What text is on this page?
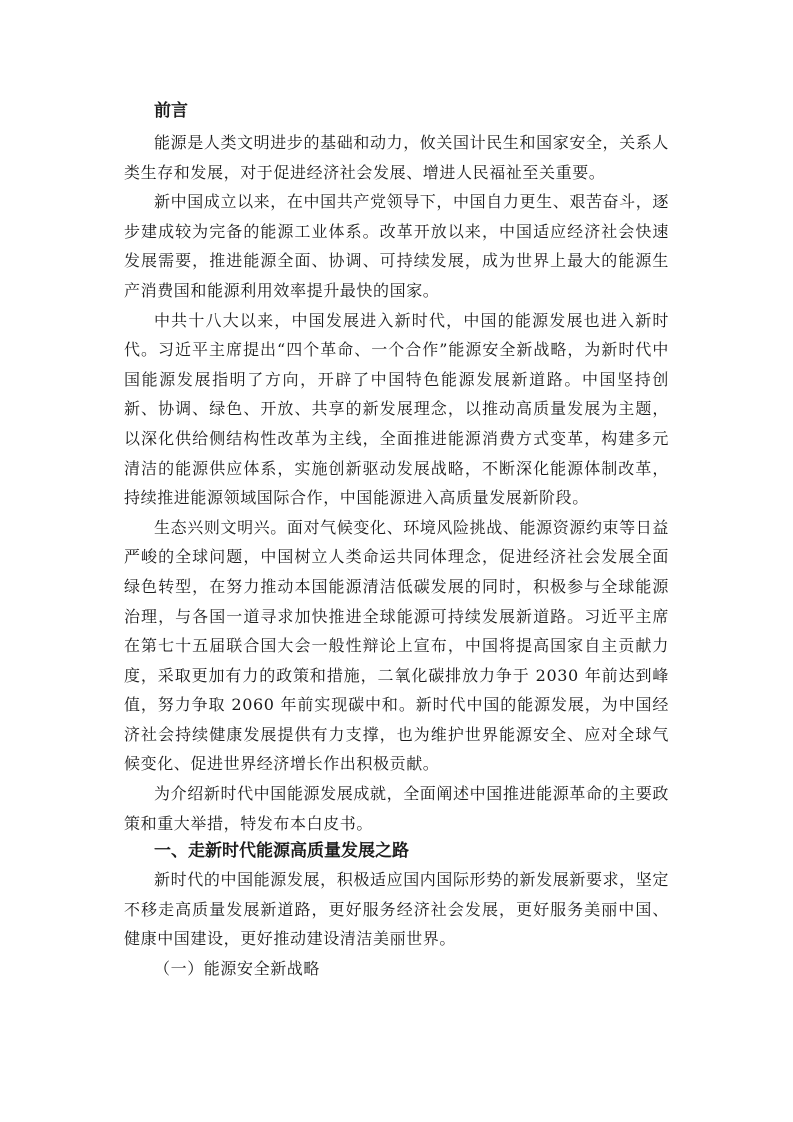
前言

能源是人类文明进步的基础和动力，攸关国计民生和国家安全，关系人类生存和发展，对于促进经济社会发展、增进人民福祉至关重要。

新中国成立以来，在中国共产党领导下，中国自力更生、艰苦奋斗，逐步建成较为完备的能源工业体系。改革开放以来，中国适应经济社会快速发展需要，推进能源全面、协调、可持续发展，成为世界上最大的能源生产消费国和能源利用效率提升最快的国家。

中共十八大以来，中国发展进入新时代，中国的能源发展也进入新时代。习近平主席提出“四个革命、一个合作”能源安全新战略，为新时代中国能源发展指明了方向，开辟了中国特色能源发展新道路。中国坚持创新、协调、绿色、开放、共享的新发展理念，以推动高质量发展为主题，以深化供给侧结构性改革为主线，全面推进能源消费方式变革，构建多元清洁的能源供应体系，实施创新驱动发展战略，不断深化能源体制改革，持续推进能源领域国际合作，中国能源进入高质量发展新阶段。

生态兴则文明兴。面对气候变化、环境风险挑战、能源资源约束等日益严峻的全球问题，中国树立人类命运共同体理念，促进经济社会发展全面绿色转型，在努力推动本国能源清洁低碳发展的同时，积极参与全球能源治理，与各国一道寻求加快推进全球能源可持续发展新道路。习近平主席在第七十五届联合国大会一般性辩论上宣布，中国将提高国家自主贡献力度，采取更加有力的政策和措施，二氧化碳排放力争于 2030 年前达到峰值，努力争取 2060 年前实现碳中和。新时代中国的能源发展，为中国经济社会持续健康发展提供有力支撑，也为维护世界能源安全、应对全球气候变化、促进世界经济增长作出积极贡献。

为介绍新时代中国能源发展成就，全面阐述中国推进能源革命的主要政策和重大举措，特发布本白皮书。

一、走新时代能源高质量发展之路

新时代的中国能源发展，积极适应国内国际形势的新发展新要求，坚定不移走高质量发展新道路，更好服务经济社会发展，更好服务美丽中国、健康中国建设，更好推动建设清洁美丽世界。

（一）能源安全新战略
